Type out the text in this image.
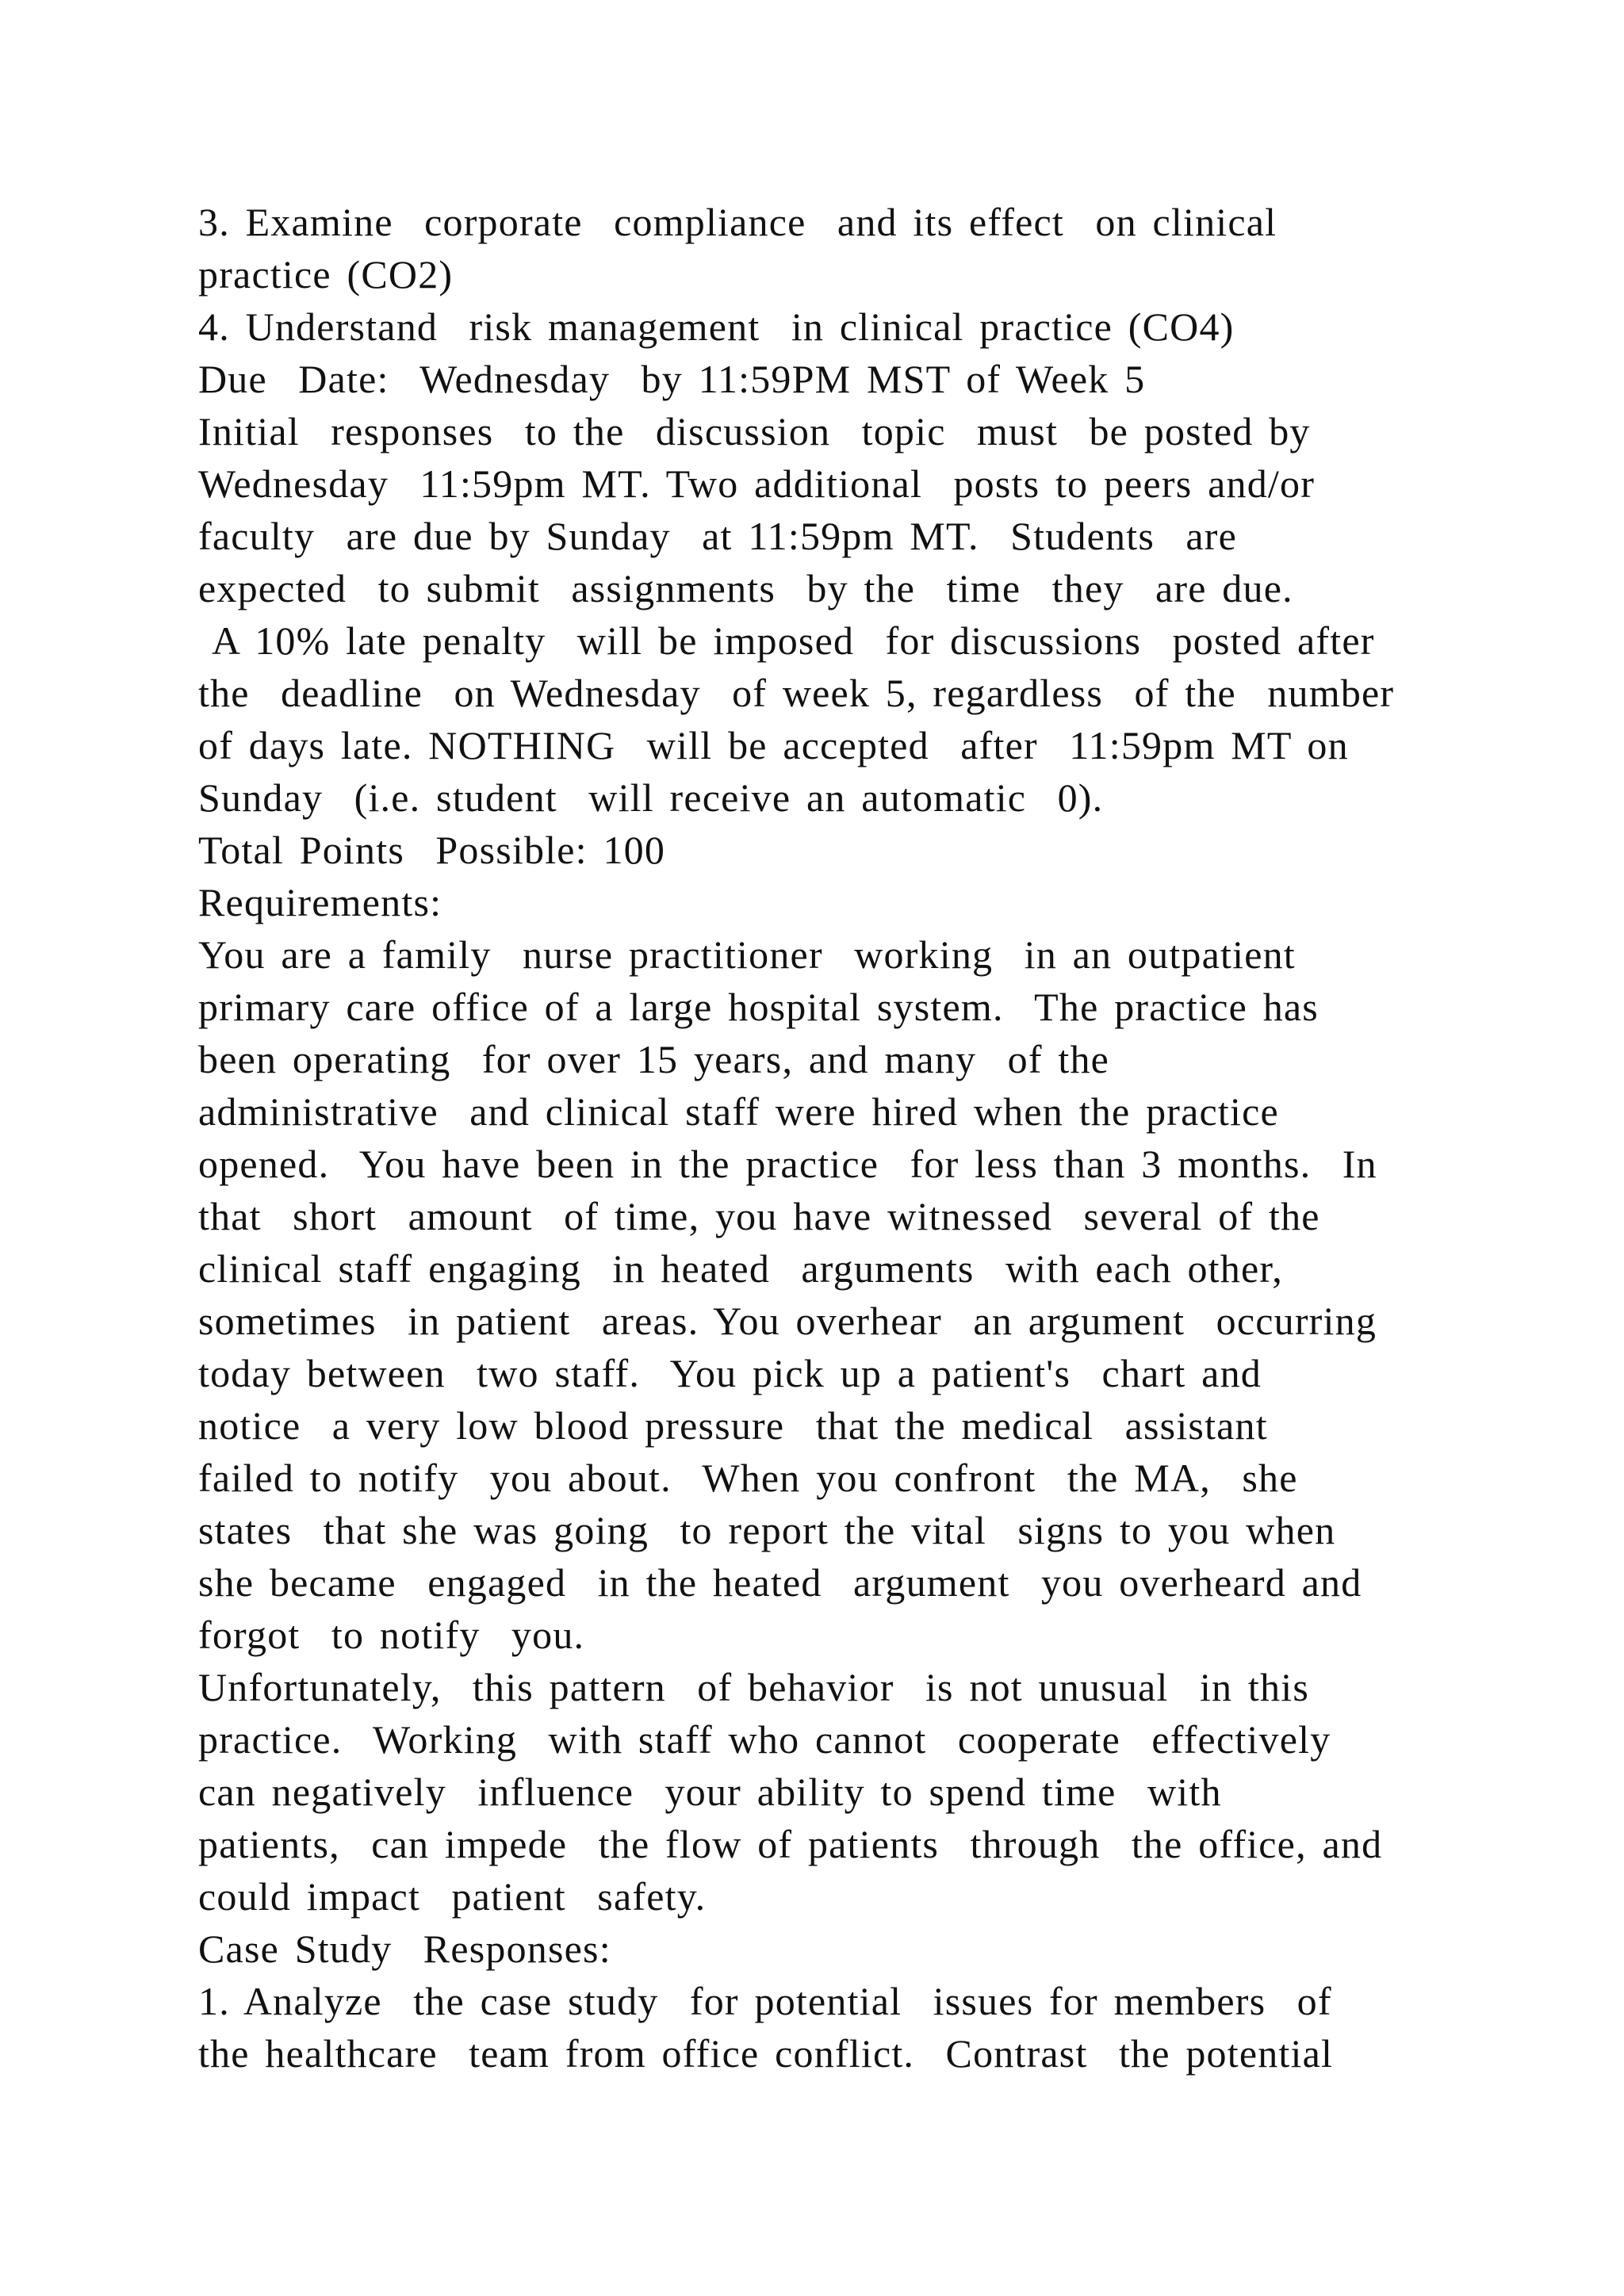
3. Examine  corporate  compliance  and its effect  on clinical
practice (CO2)
4. Understand  risk management  in clinical practice (CO4)
Due  Date:  Wednesday  by 11:59PM MST of Week 5
Initial  responses  to the  discussion  topic  must  be posted by
Wednesday  11:59pm MT. Two additional  posts to peers and/or
faculty  are due by Sunday  at 11:59pm MT.  Students  are
expected  to submit  assignments  by the  time  they  are due.
A 10% late penalty  will be imposed  for discussions  posted after
the  deadline  on Wednesday  of week 5, regardless  of the  number
of days late. NOTHING  will be accepted  after  11:59pm MT on
Sunday  (i.e. student  will receive an automatic  0).
Total Points  Possible: 100
Requirements:
You are a family  nurse practitioner  working  in an outpatient
primary care office of a large hospital system.  The practice has
been operating  for over 15 years, and many  of the
administrative  and clinical staff were hired when the practice
opened.  You have been in the practice  for less than 3 months.  In
that  short  amount  of time, you have witnessed  several of the
clinical staff engaging  in heated  arguments  with each other,
sometimes  in patient  areas. You overhear  an argument  occurring
today between  two staff.  You pick up a patient's  chart and
notice  a very low blood pressure  that the medical  assistant
failed to notify  you about.  When you confront  the MA,  she
states  that she was going  to report the vital  signs to you when
she became  engaged  in the heated  argument  you overheard and
forgot  to notify  you.
Unfortunately,  this pattern  of behavior  is not unusual  in this
practice.  Working  with staff who cannot  cooperate  effectively
can negatively  influence  your ability to spend time  with
patients,  can impede  the flow of patients  through  the office, and
could impact  patient  safety.
Case Study  Responses:
1. Analyze  the case study  for potential  issues for members  of
the healthcare  team from office conflict.  Contrast  the potential
